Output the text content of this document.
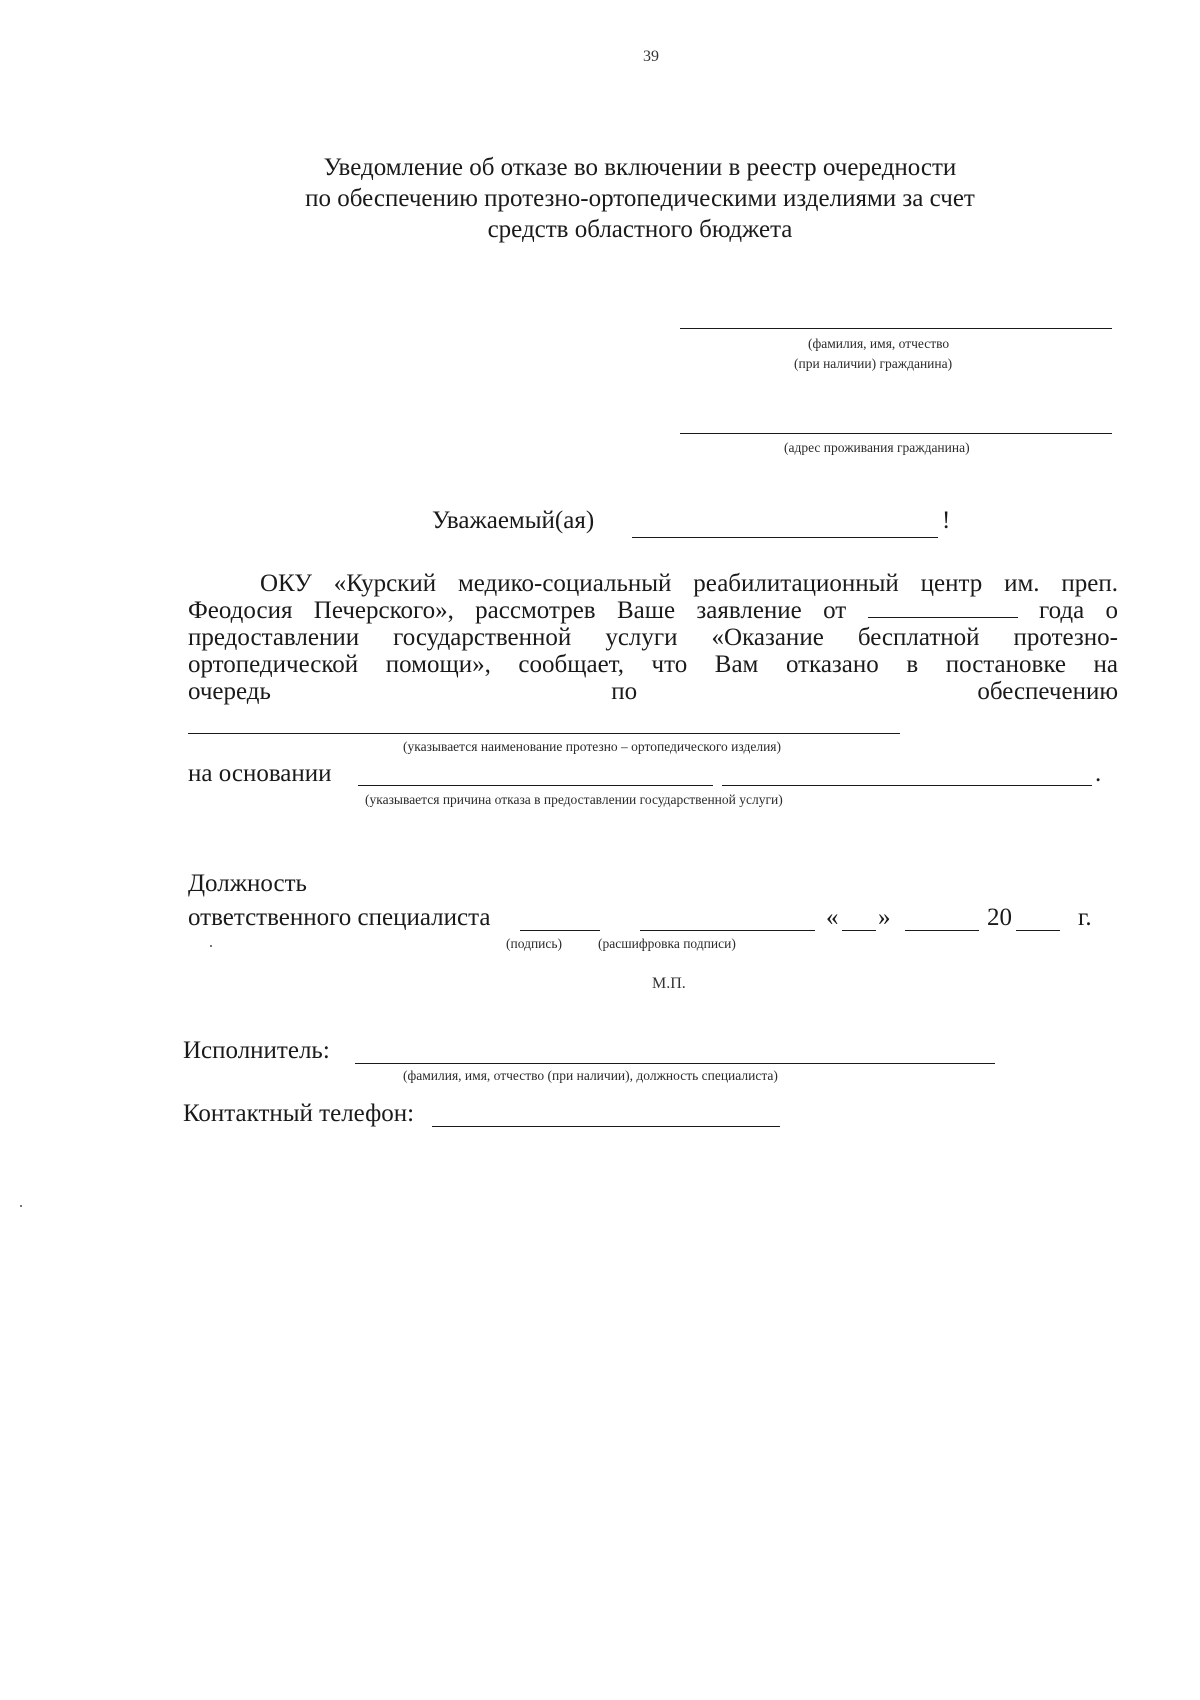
39
Уведомление об отказе во включении в реестр очередности
по обеспечению протезно-ортопедическими изделиями за счет
средств областного бюджета
(фамилия, имя, отчество
(при наличии) гражданина)
(адрес проживания гражданина)
Уважаемый(ая)	!
ОКУ «Курский медико-социальный реабилитационный центр им. преп.
Феодосия Печерского», рассмотрев Ваше заявление от	года о
предоставлении государственной услуги «Оказание бесплатной протезно-
ортопедической помощи», сообщает, что Вам отказано в постановке на
очередь	по	обеспечению
(указывается наименование протезно – ортопедического изделия)
на основании	.
(указывается причина отказа в предоставлении государственной услуги)
Должность
ответственного специалиста	« »	20	г.
(подпись)	(расшифровка подписи)
М.П.
Исполнитель:
(фамилия, имя, отчество (при наличии), должность специалиста)
Контактный телефон:
